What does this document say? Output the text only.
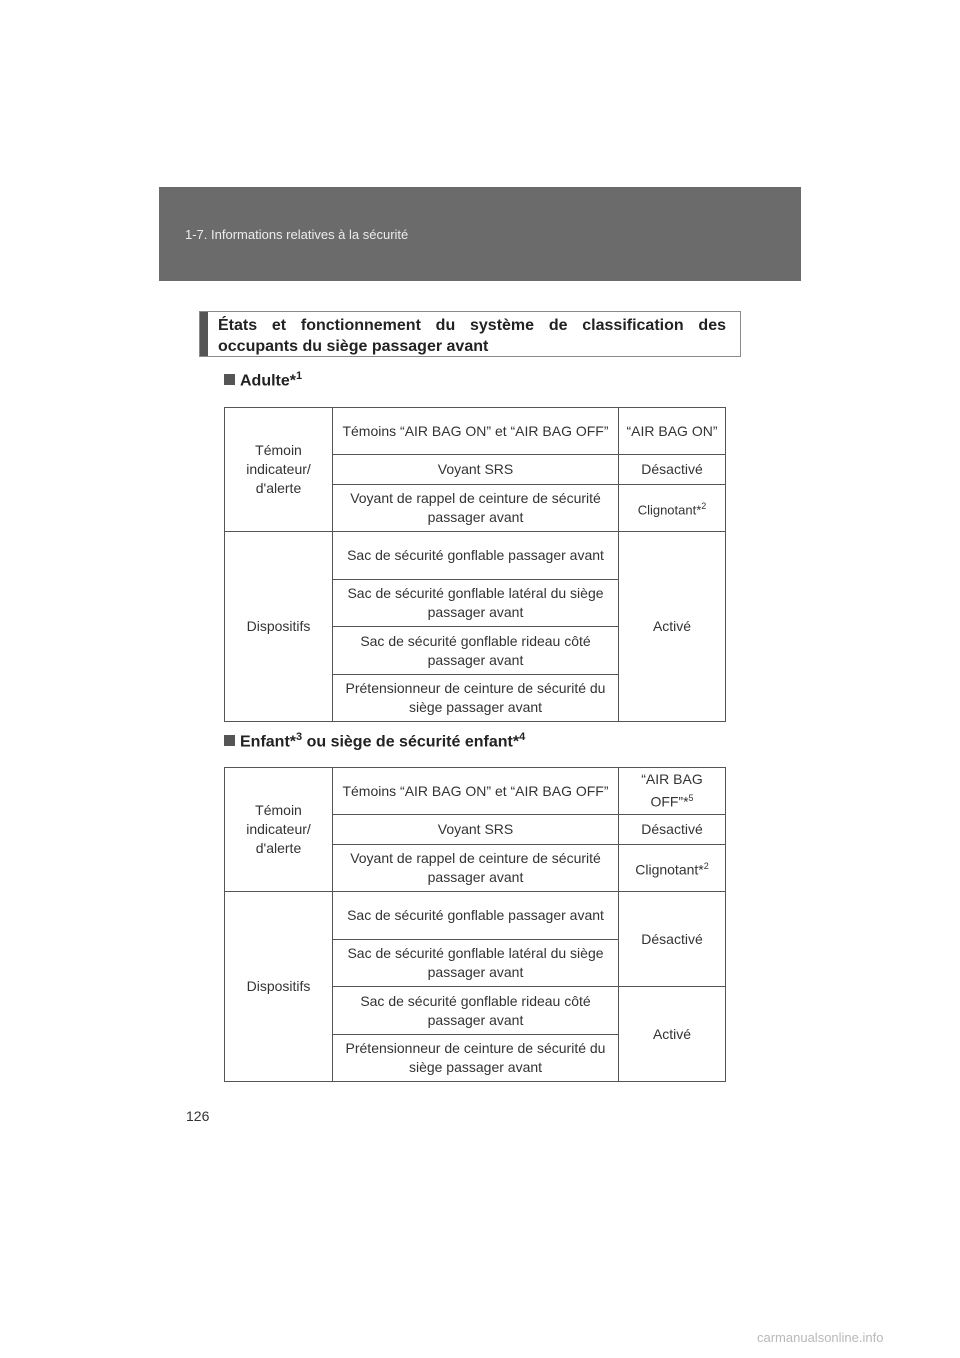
1-7. Informations relatives à la sécurité
États et fonctionnement du système de classification des occupants du siège passager avant
Adulte*$^1$
Témoin indicateur/ d'alerte	Témoins “AIR BAG ON” et “AIR BAG OFF”	“AIR BAG ON”
	Voyant SRS	Désactivé
	Voyant de rappel de ceinture de sécurité passager avant	Clignotant*$^2$
Dispositifs	Sac de sécurité gonflable passager avant	Activé
	Sac de sécurité gonflable latéral du siège passager avant	
	Sac de sécurité gonflable rideau côté passager avant	
	Prétensionneur de ceinture de sécurité du siège passager avant	
Enfant*$^3$ ou siège de sécurité enfant*$^4$
Témoin indicateur/ d'alerte	Témoins “AIR BAG ON” et “AIR BAG OFF”	“AIR BAG OFF”*$^5$
	Voyant SRS	Désactivé
	Voyant de rappel de ceinture de sécurité passager avant	Clignotant*$^2$
Dispositifs	Sac de sécurité gonflable passager avant	Désactivé
	Sac de sécurité gonflable latéral du siège passager avant	
	Sac de sécurité gonflable rideau côté passager avant	Activé
	Prétensionneur de ceinture de sécurité du siège passager avant	
126
carmanualsonline.info
